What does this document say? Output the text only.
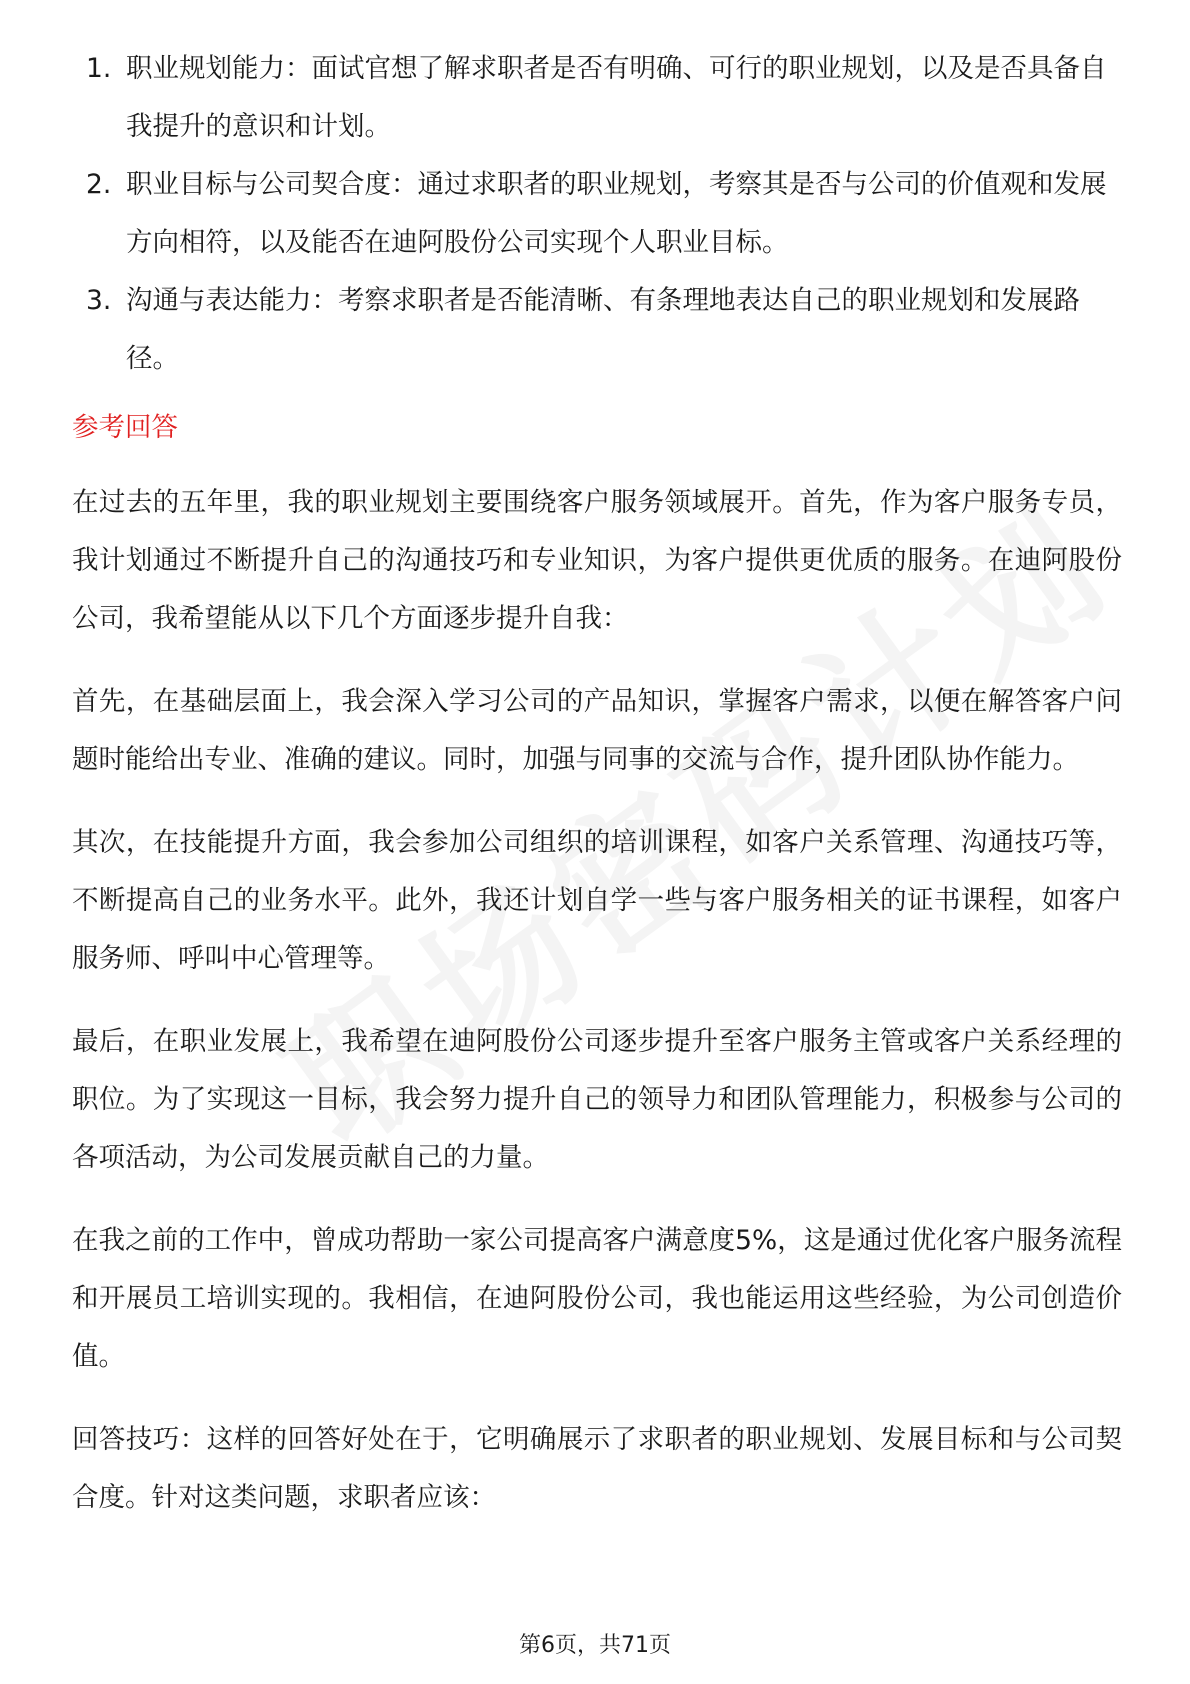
1. 职业规划能力：面试官想了解求职者是否有明确、可行的职业规划，以及是否具备自我提升的意识和计划。
2. 职业目标与公司契合度：通过求职者的职业规划，考察其是否与公司的价值观和发展方向相符，以及能否在迪阿股份公司实现个人职业目标。
3. 沟通与表达能力：考察求职者是否能清晰、有条理地表达自己的职业规划和发展路径。
参考回答

在过去的五年里，我的职业规划主要围绕客户服务领域展开。首先，作为客户服务专员，我计划通过不断提升自己的沟通技巧和专业知识，为客户提供更优质的服务。在迪阿股份公司，我希望能从以下几个方面逐步提升自我：

首先，在基础层面上，我会深入学习公司的产品知识，掌握客户需求，以便在解答客户问题时能给出专业、准确的建议。同时，加强与同事的交流与合作，提升团队协作能力。

其次，在技能提升方面，我会参加公司组织的培训课程，如客户关系管理、沟通技巧等，不断提高自己的业务水平。此外，我还计划自学一些与客户服务相关的证书课程，如客户服务师、呼叫中心管理等。

最后，在职业发展上，我希望在迪阿股份公司逐步提升至客户服务主管或客户关系经理的职位。为了实现这一目标，我会努力提升自己的领导力和团队管理能力，积极参与公司的各项活动，为公司发展贡献自己的力量。

在我之前的工作中，曾成功帮助一家公司提高客户满意度5%，这是通过优化客户服务流程和开展员工培训实现的。我相信，在迪阿股份公司，我也能运用这些经验，为公司创造价值。

回答技巧：这样的回答好处在于，它明确展示了求职者的职业规划、发展目标和与公司契合度。针对这类问题，求职者应该：

第6页，共71页
